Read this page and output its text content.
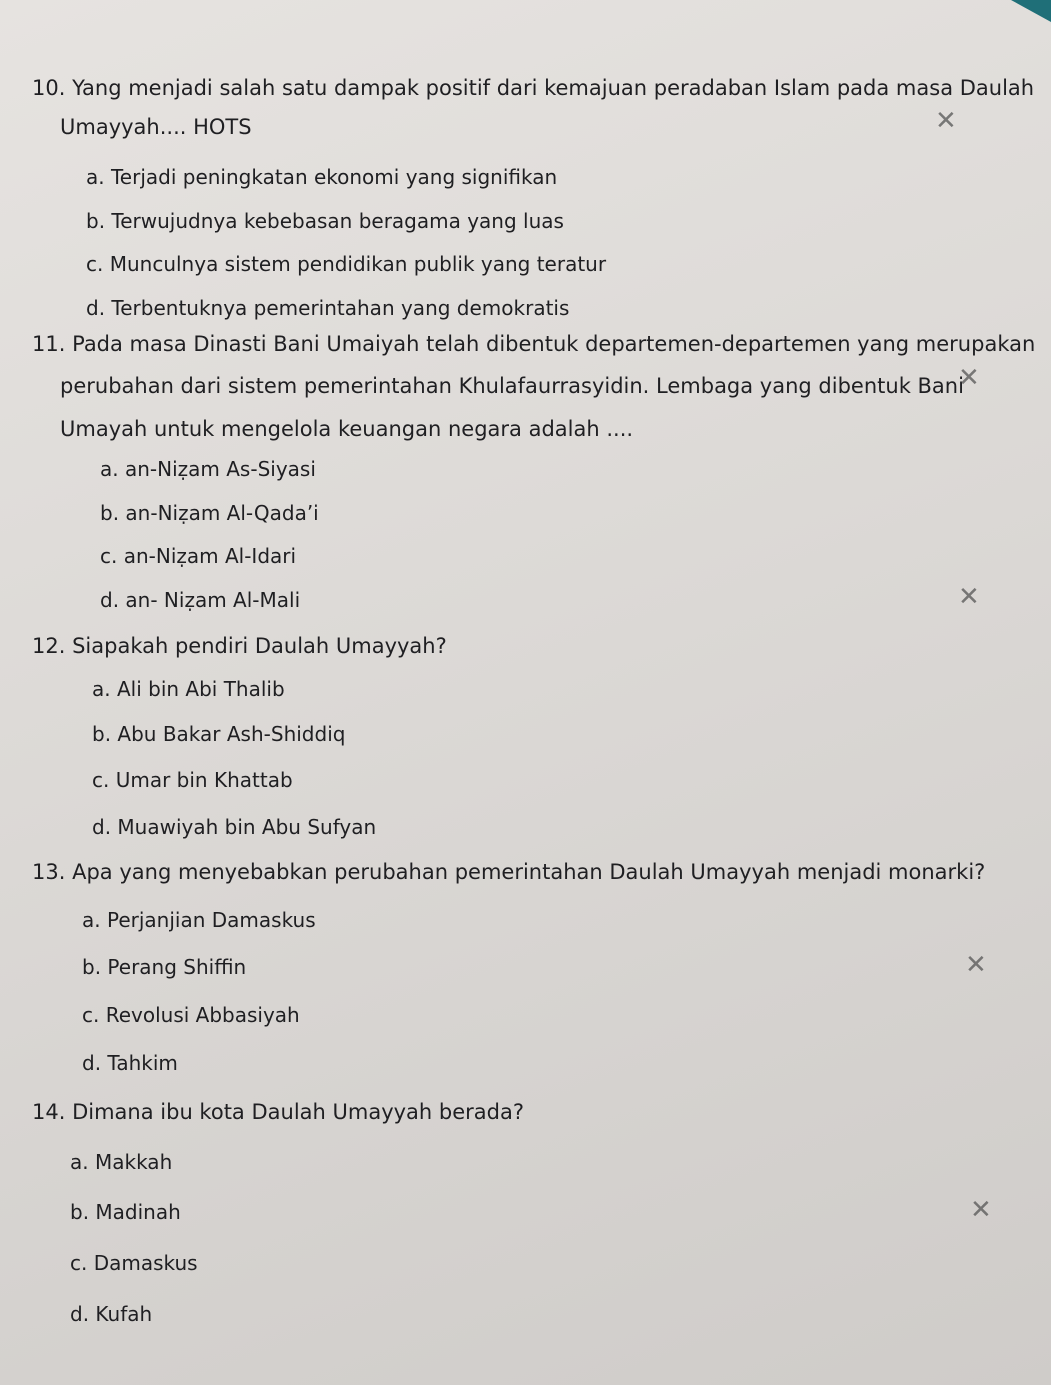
10. Yang menjadi salah satu dampak positif dari kemajuan peradaban Islam pada masa Daulah
Umayyah.... HOTS
a. Terjadi peningkatan ekonomi yang signifikan
b. Terwujudnya kebebasan beragama yang luas
c. Munculnya sistem pendidikan publik yang teratur
d. Terbentuknya pemerintahan yang demokratis
11. Pada masa Dinasti Bani Umaiyah telah dibentuk departemen-departemen yang merupakan
perubahan dari sistem pemerintahan Khulafaurrasyidin. Lembaga yang dibentuk Bani
Umayah untuk mengelola keuangan negara adalah ....
a. an-Niẓam As-Siyasi
b. an-Niẓam Al-Qada’i
c. an-Niẓam Al-Idari
d. an- Niẓam Al-Mali
12. Siapakah pendiri Daulah Umayyah?
a. Ali bin Abi Thalib
b. Abu Bakar Ash-Shiddiq
c. Umar bin Khattab
d. Muawiyah bin Abu Sufyan
13. Apa yang menyebabkan perubahan pemerintahan Daulah Umayyah menjadi monarki?
a. Perjanjian Damaskus
b. Perang Shiffin
c. Revolusi Abbasiyah
d. Tahkim
14. Dimana ibu kota Daulah Umayyah berada?
a. Makkah
b. Madinah
c. Damaskus
d. Kufah
✕
✕
✕
✕
✕
